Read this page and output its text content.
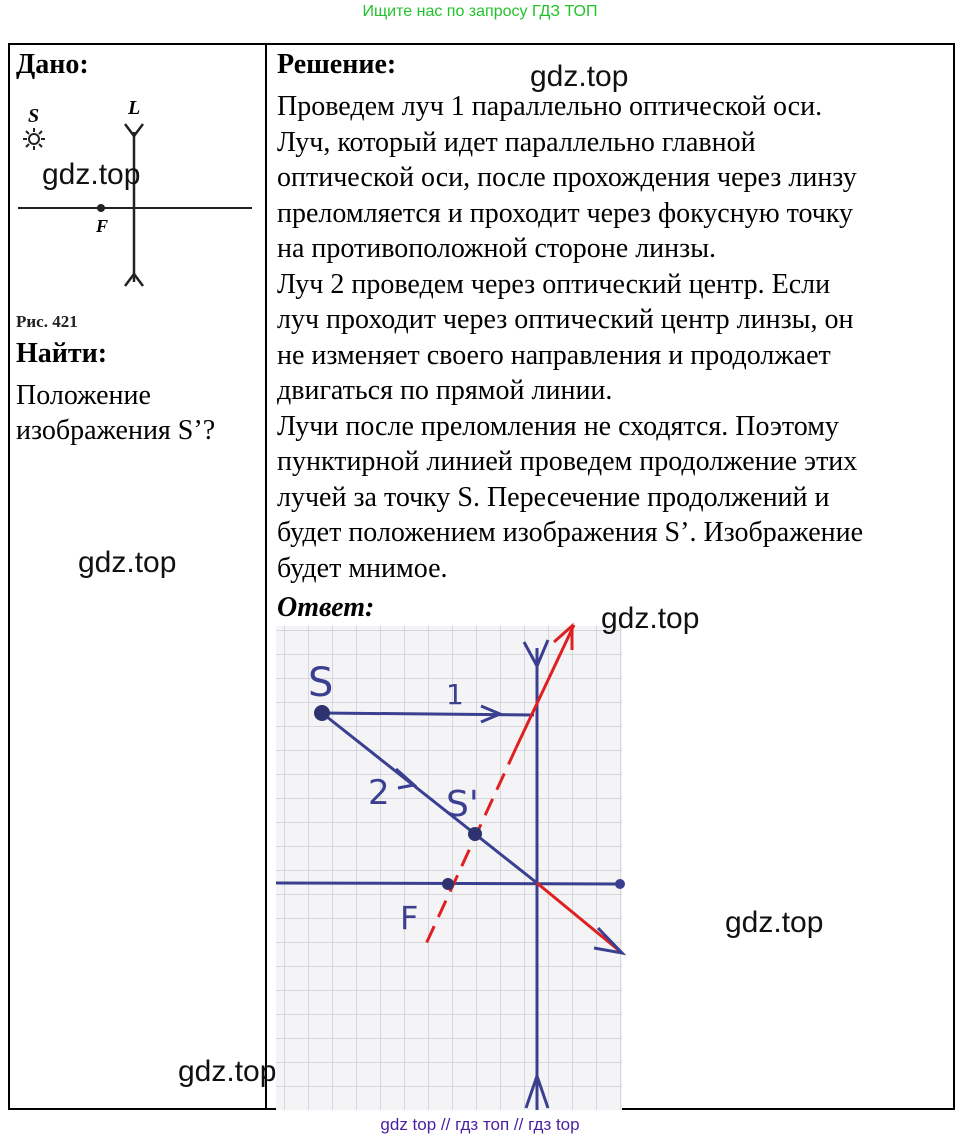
Ищите нас по запросу ГДЗ ТОП
Дано:
S	L
F
Рис. 421
Найти:
Положение
изображения S’?
Решение:
Проведем луч 1 параллельно оптической оси.
Луч, который идет параллельно главной
оптической оси, после прохождения через линзу
преломляется и проходит через фокусную точку
на противоположной стороне линзы.
Луч 2 проведем через оптический центр. Если
луч проходит через оптический центр линзы, он
не изменяет своего направления и продолжает
двигаться по прямой линии.
Лучи после преломления не сходятся. Поэтому
пунктирной линией проведем продолжение этих
лучей за точку S. Пересечение продолжений и
будет положением изображения S’. Изображение
будет мнимое.
Ответ:
S	1
2 S'
F
gdz.top
gdz.top
gdz.top
gdz.top
gdz.top
gdz.top
gdz top // гдз топ // гдз top
